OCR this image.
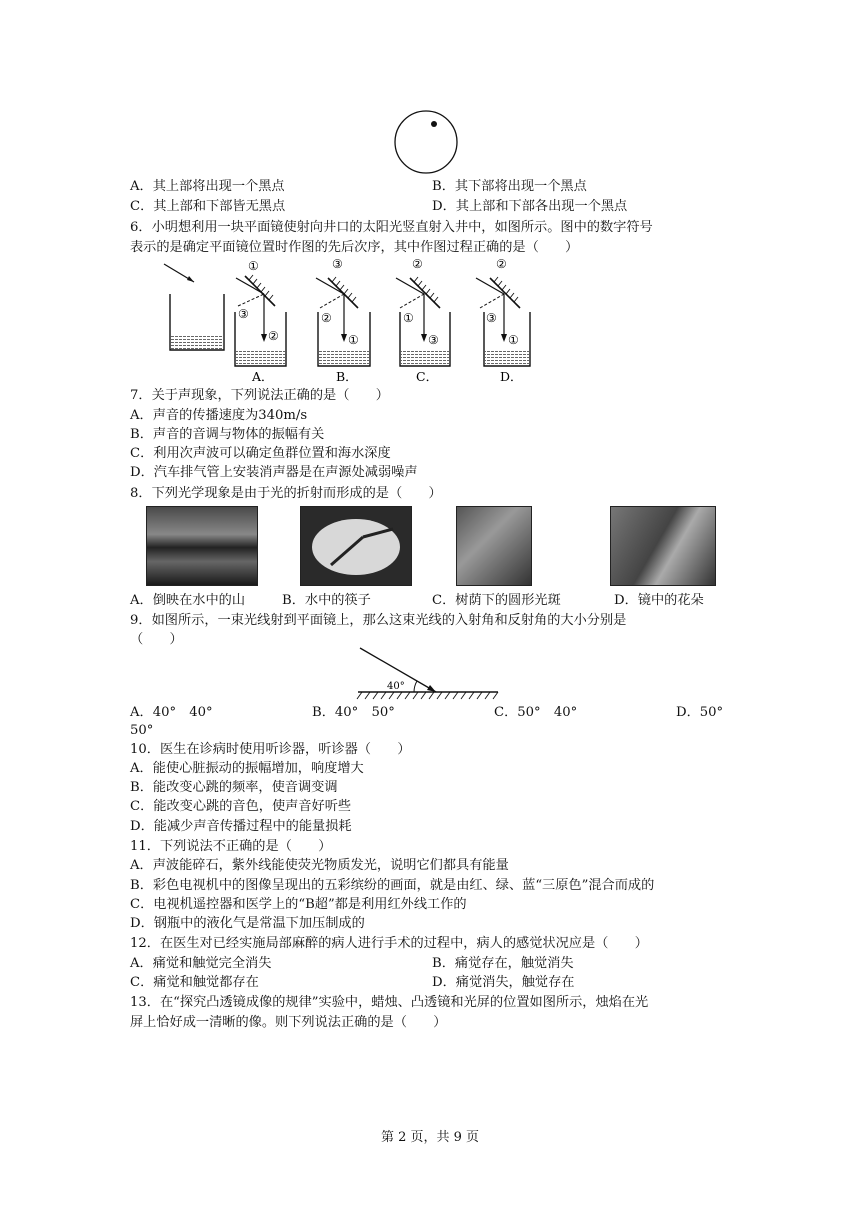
A．其上部将出现一个黑点	B．其下部将出现一个黑点
C．其上部和下部皆无黑点	D．其上部和下部各出现一个黑点
6．小明想利用一块平面镜使射向井口的太阳光竖直射入井中，如图所示。图中的数字符号
表示的是确定平面镜位置时作图的先后次序，其中作图过程正确的是（　　）
①
③
②
③
②
①
②
①
③
②
③
①
A．	B．	C．	D．
7．关于声现象，下列说法正确的是（　　）
A．声音的传播速度为340m/s
B．声音的音调与物体的振幅有关
C．利用次声波可以确定鱼群位置和海水深度
D．汽车排气管上安装消声器是在声源处减弱噪声
8．下列光学现象是由于光的折射而形成的是（　　）
A．倒映在水中的山	B．水中的筷子	C．树荫下的圆形光斑	D．镜中的花朵
9．如图所示，一束光线射到平面镜上，那么这束光线的入射角和反射角的大小分别是
（　　）
40°
A．40°　40°	B．40°　50°	C．50°　40°	D．50°
50°
10．医生在诊病时使用听诊器，听诊器（　　）
A．能使心脏振动的振幅增加，响度增大
B．能改变心跳的频率，使音调变调
C．能改变心跳的音色，使声音好听些
D．能减少声音传播过程中的能量损耗
11．下列说法不正确的是（　　）
A．声波能碎石，紫外线能使荧光物质发光，说明它们都具有能量
B．彩色电视机中的图像呈现出的五彩缤纷的画面，就是由红、绿、蓝“三原色”混合而成的
C．电视机遥控器和医学上的“B超”都是利用红外线工作的
D．钢瓶中的液化气是常温下加压制成的
12．在医生对已经实施局部麻醉的病人进行手术的过程中，病人的感觉状况应是（　　）
A．痛觉和触觉完全消失	B．痛觉存在，触觉消失
C．痛觉和触觉都存在	D．痛觉消失，触觉存在
13．在“探究凸透镜成像的规律”实验中，蜡烛、凸透镜和光屏的位置如图所示，烛焰在光
屏上恰好成一清晰的像。则下列说法正确的是（　　）
第 2 页，共 9 页
